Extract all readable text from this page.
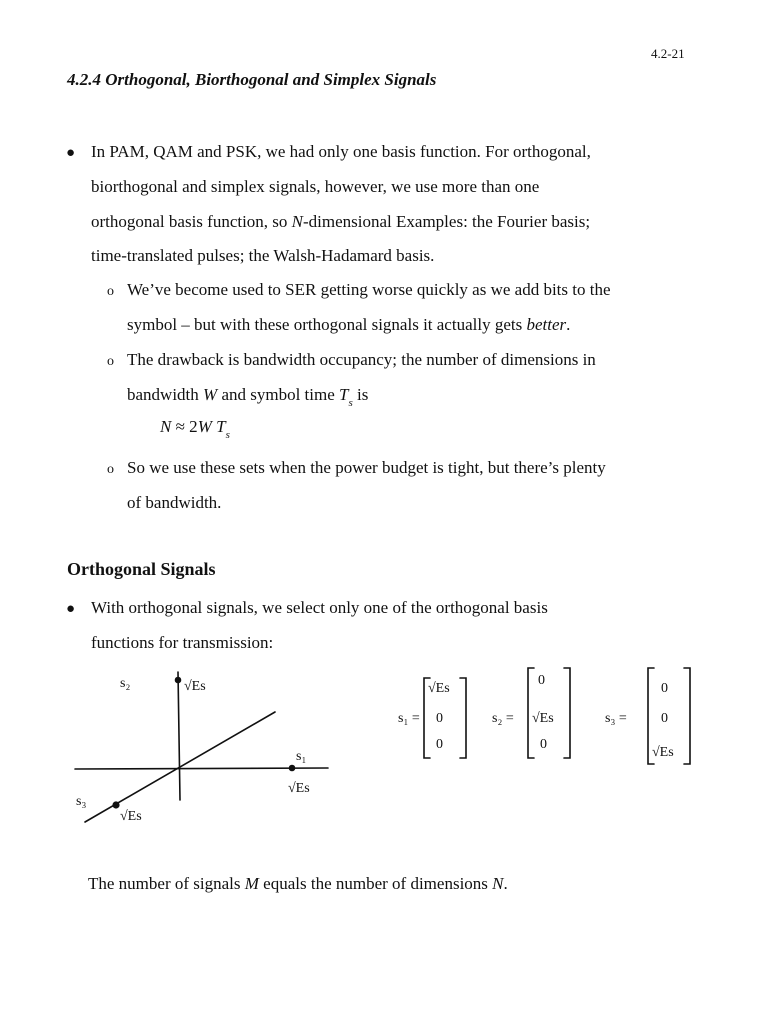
4.2-21
4.2.4 Orthogonal, Biorthogonal and Simplex Signals
● In PAM, QAM and PSK, we had only one basis function. For orthogonal,
biorthogonal and simplex signals, however, we use more than one
orthogonal basis function, so N-dimensional Examples: the Fourier basis;
time-translated pulses; the Walsh-Hadamard basis.
o We’ve become used to SER getting worse quickly as we add bits to the
symbol – but with these orthogonal signals it actually gets better.
o The drawback is bandwidth occupancy; the number of dimensions in
bandwidth W and symbol time $T_s$ is
N ≈ 2W $T_s$
o So we use these sets when the power budget is tight, but there’s plenty
of bandwidth.
Orthogonal Signals
● With orthogonal signals, we select only one of the orthogonal basis
functions for transmission:
s₂	√Es
s₁
√Es
s₃
√Es
s₁ =
√Es
0
0
s₂ =
0
√Es
0
s₃ =
0
0
√Es
The number of signals M equals the number of dimensions N.
